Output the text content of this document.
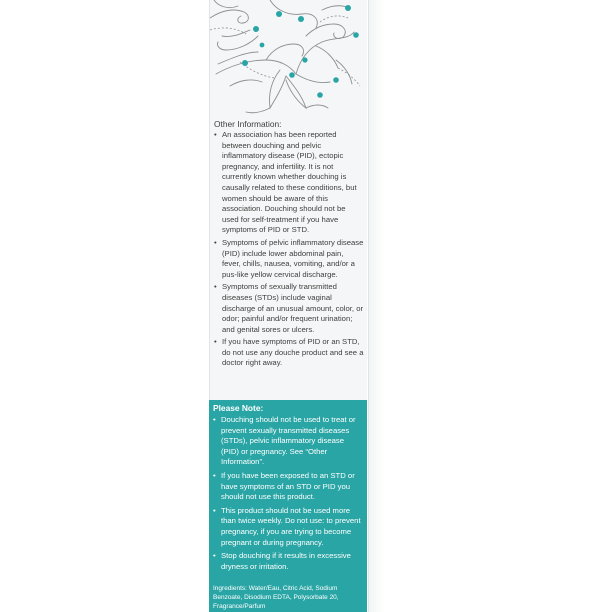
Other Information:
• An association has been reported between douching and pelvic inflammatory disease (PID), ectopic pregnancy, and infertility. It is not currently known whether douching is causally related to these conditions, but women should be aware of this association. Douching should not be used for self-treatment if you have symptoms of PID or STD.
• Symptoms of pelvic inflammatory disease (PID) include lower abdominal pain, fever, chills, nausea, vomiting, and/or a pus-like yellow cervical discharge.
• Symptoms of sexually transmitted diseases (STDs) include vaginal discharge of an unusual amount, color, or odor; painful and/or frequent urination; and genital sores or ulcers.
• If you have symptoms of PID or an STD, do not use any douche product and see a doctor right away.
Please Note:
• Douching should not be used to treat or prevent sexually transmitted diseases (STDs), pelvic inflammatory disease (PID) or pregnancy. See “Other Information”.
• If you have been exposed to an STD or have symptoms of an STD or PID you should not use this product.
• This product should not be used more than twice weekly. Do not use: to prevent pregnancy, if you are trying to become pregnant or during pregnancy.
• Stop douching if it results in excessive dryness or irritation.
Ingredients: Water/Eau, Citric Acid, Sodium Benzoate, Disodium EDTA, Polysorbate 20, Fragrance/Parfum
